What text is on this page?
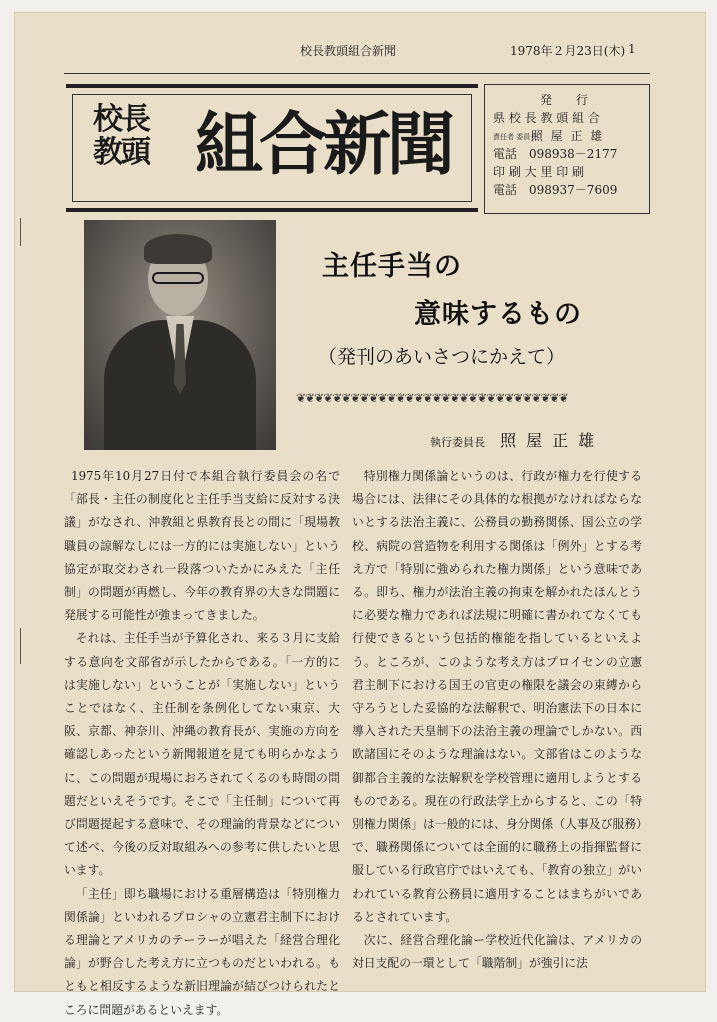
校長教頭組合新聞	1978年２月23日(木) 1
校長
教頭 組合新聞
発　行
県 校 長 教 頭 組 合
責任者 委員長 照 屋 正 雄
電話　098938－2177
印 刷 大 里 印 刷
電話　098937－7609
主任手当の
意味するもの
（発刊のあいさつにかえて）
❦❦❦❦❦❦❦❦❦❦❦❦❦❦❦❦❦❦❦❦❦❦❦❦❦❦❦❦❦❦
執行委員長 照屋正雄

1975年10月27日付で本組合執行委員会の名で「部長・主任の制度化と主任手当支給に反対する決議」がなされ、沖教組と県教育長との間に「現場教職員の諒解なしには一方的には実施しない」という協定が取交わされ一段落ついたかにみえた「主任制」の問題が再燃し、今年の教育界の大きな問題に発展する可能性が強まってきました。

それは、主任手当が予算化され、来る３月に支給する意向を文部省が示したからである。「一方的には実施しない」ということが「実施しない」ということではなく、主任制を条例化してない東京、大阪、京都、神奈川、沖縄の教育長が、実施の方向を確認しあったという新聞報道を見ても明らかなように、この問題が現場におろされてくるのも時間の問題だといえそうです。そこで「主任制」について再び問題提起する意味で、その理論的背景などについて述べ、今後の反対取組みへの参考に供したいと思います。

「主任」即ち職場における重層構造は「特別権力関係論」といわれるプロシャの立憲君主制下における理論とアメリカのテーラーが唱えた「経営合理化論」が野合した考え方に立つものだといわれる。もともと相反するような新旧理論が結びつけられたところに問題があるといえます。

特別権力関係論というのは、行政が権力を行使する場合には、法律にその具体的な根拠がなければならないとする法治主義に、公務員の勤務関係、国公立の学校、病院の営造物を利用する関係は「例外」とする考え方で「特別に強められた権力関係」という意味である。即ち、権力が法治主義の拘束を解かれたほんとうに必要な権力であれば法規に明確に書かれてなくても行使できるという包括的権能を指しているといえよう。ところが、このような考え方はプロイセンの立憲君主制下における国王の官吏の権限を議会の束縛から守ろうとした妥協的な法解釈で、明治憲法下の日本に導入された天皇制下の法治主義の理論でしかない。西欧諸国にそのような理論はない。文部省はこのような御都合主義的な法解釈を学校管理に適用しようとするものである。現在の行政法学上からすると、この「特別権力関係」は一般的には、身分関係（人事及び服務）で、職務関係については全面的に職務上の指揮監督に服している行政官庁ではいえても、「教育の独立」がいわれている教育公務員に適用することはまちがいであるとされています。

次に、経営合理化論ー学校近代化論は、アメリカの対日支配の一環として「職階制」が強引に法
